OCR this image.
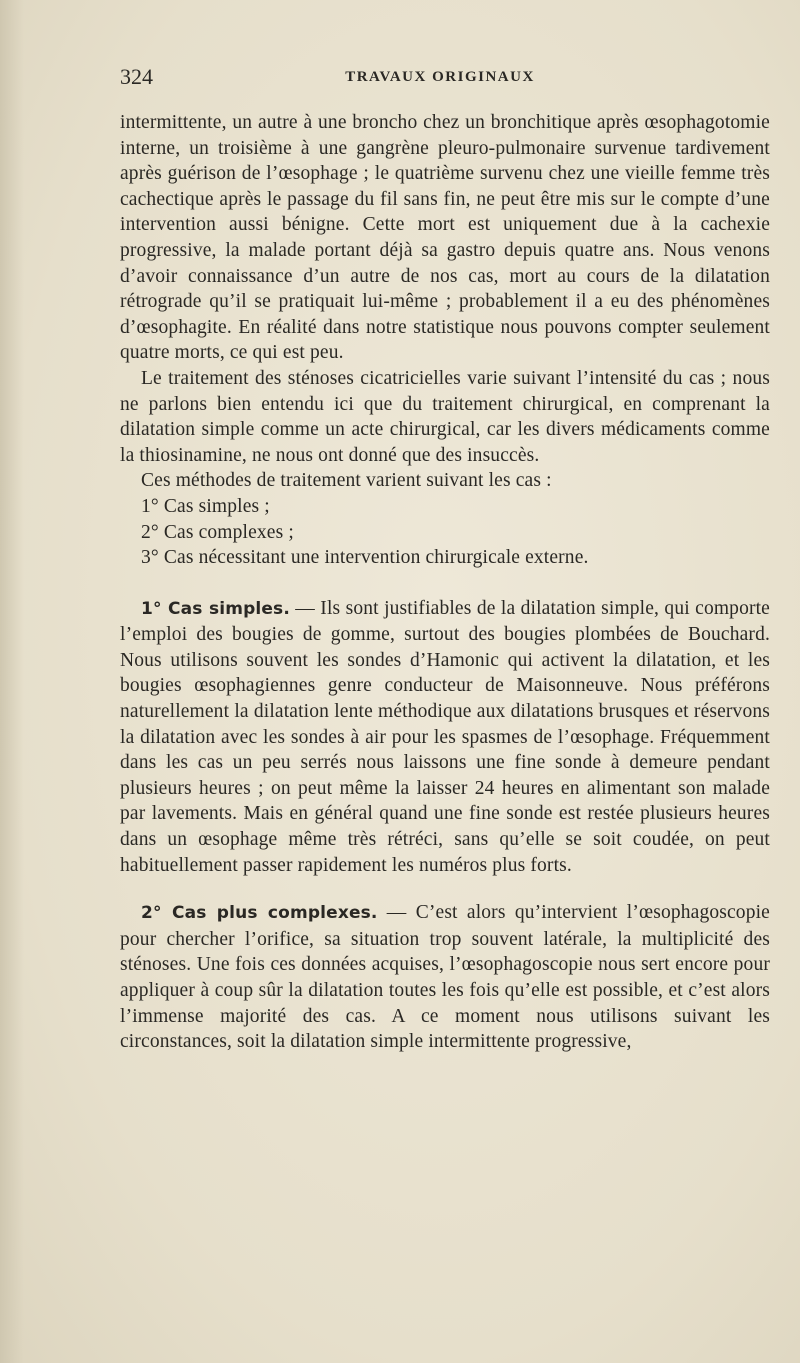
324	TRAVAUX ORIGINAUX

intermittente, un autre à une broncho chez un bronchitique après œsophagotomie interne, un troisième à une gangrène pleuro-pulmonaire survenue tardivement après guérison de l’œsophage ; le quatrième survenu chez une vieille femme très cachectique après le passage du fil sans fin, ne peut être mis sur le compte d’une intervention aussi bénigne. Cette mort est uniquement due à la cachexie progressive, la malade portant déjà sa gastro depuis quatre ans. Nous venons d’avoir connaissance d’un autre de nos cas, mort au cours de la dilatation rétrograde qu’il se pratiquait lui-même ; probablement il a eu des phénomènes d’œsophagite. En réalité dans notre statistique nous pouvons compter seulement quatre morts, ce qui est peu.

Le traitement des sténoses cicatricielles varie suivant l’intensité du cas ; nous ne parlons bien entendu ici que du traitement chirurgical, en comprenant la dilatation simple comme un acte chirurgical, car les divers médicaments comme la thiosinamine, ne nous ont donné que des insuccès.

Ces méthodes de traitement varient suivant les cas :

1° Cas simples ;

2° Cas complexes ;

3° Cas nécessitant une intervention chirurgicale externe.

1° Cas simples. — Ils sont justifiables de la dilatation simple, qui comporte l’emploi des bougies de gomme, surtout des bougies plombées de Bouchard. Nous utilisons souvent les sondes d’Hamonic qui activent la dilatation, et les bougies œsophagiennes genre conducteur de Maisonneuve. Nous préférons naturellement la dilatation lente méthodique aux dilatations brusques et réservons la dilatation avec les sondes à air pour les spasmes de l’œsophage. Fréquemment dans les cas un peu serrés nous laissons une fine sonde à demeure pendant plusieurs heures ; on peut même la laisser 24 heures en alimentant son malade par lavements. Mais en général quand une fine sonde est restée plusieurs heures dans un œsophage même très rétréci, sans qu’elle se soit coudée, on peut habituellement passer rapidement les numéros plus forts.

2° Cas plus complexes. — C’est alors qu’intervient l’œsophagoscopie pour chercher l’orifice, sa situation trop souvent latérale, la multiplicité des sténoses. Une fois ces données acquises, l’œsophagoscopie nous sert encore pour appliquer à coup sûr la dilatation toutes les fois qu’elle est possible, et c’est alors l’immense majorité des cas. A ce moment nous utilisons suivant les circonstances, soit la dilatation simple intermittente progressive,
